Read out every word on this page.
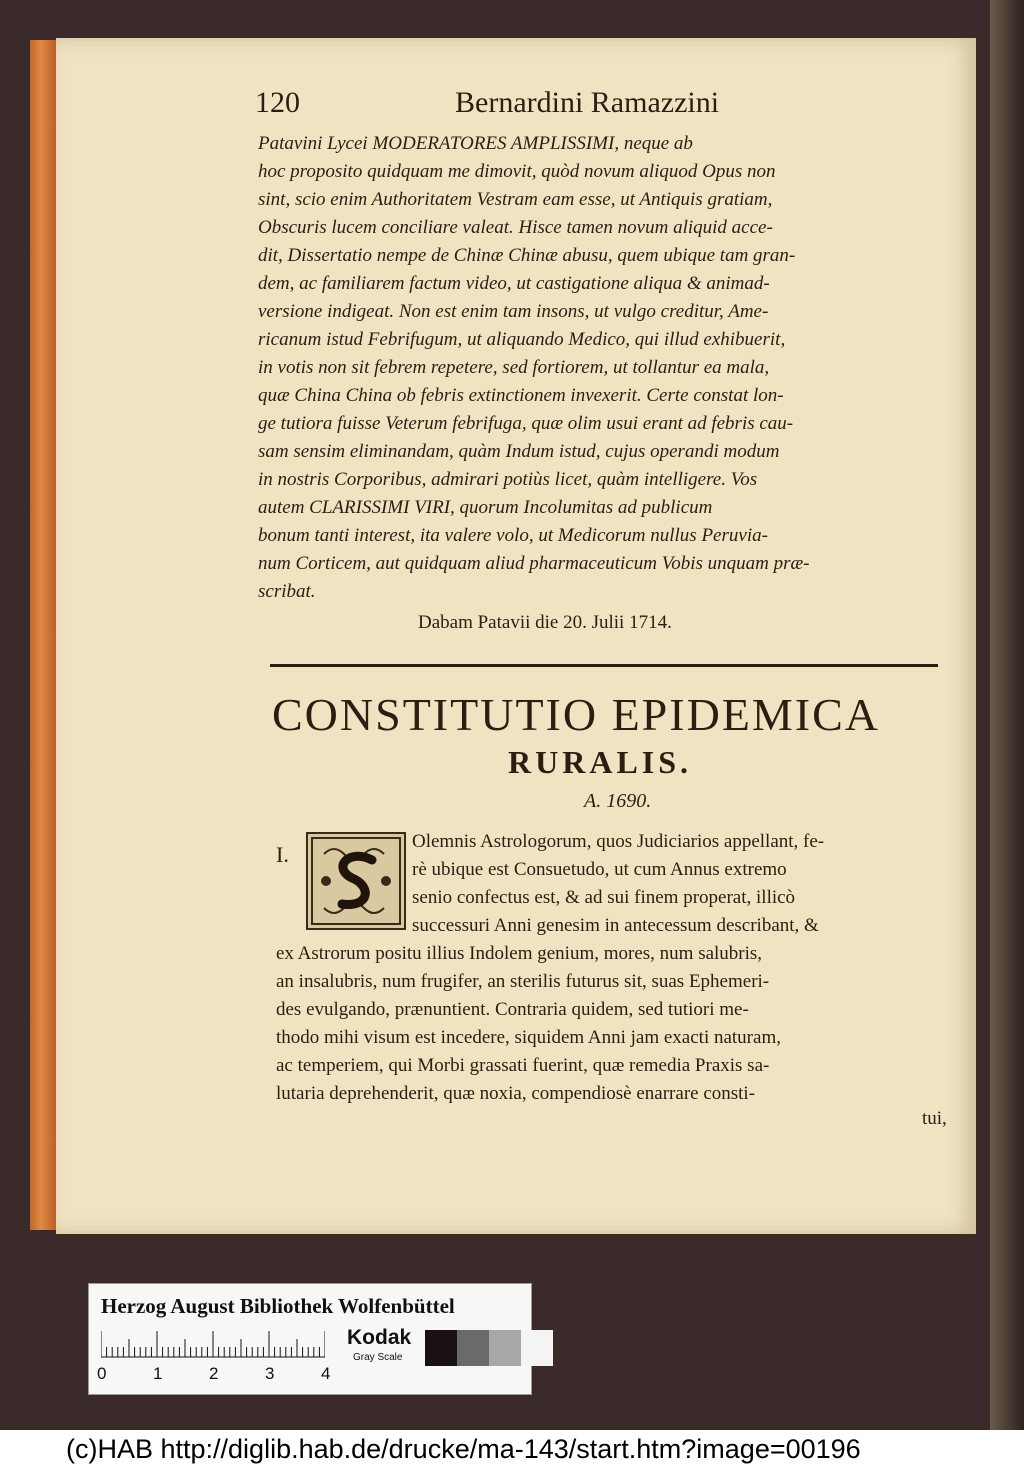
120	Bernardini Ramazzini

Patavini Lycei MODERATORES AMPLISSIMI, neque ab

hoc proposito quidquam me dimovit, quòd novum aliquod Opus non

sint, scio enim Authoritatem Vestram eam esse, ut Antiquis gratiam,

Obscuris lucem conciliare valeat. Hisce tamen novum aliquid acce-

dit, Dissertatio nempe de Chinæ Chinæ abusu, quem ubique tam gran-

dem, ac familiarem factum video, ut castigatione aliqua & animad-

versione indigeat. Non est enim tam insons, ut vulgo creditur, Ame-

ricanum istud Febrifugum, ut aliquando Medico, qui illud exhibuerit,

in votis non sit febrem repetere, sed fortiorem, ut tollantur ea mala,

quæ China China ob febris extinctionem invexerit. Certe constat lon-

ge tutiora fuisse Veterum febrifuga, quæ olim usui erant ad febris cau-

sam sensim eliminandam, quàm Indum istud, cujus operandi modum

in nostris Corporibus, admirari potiùs licet, quàm intelligere. Vos

autem CLARISSIMI VIRI, quorum Incolumitas ad publicum

bonum tanti interest, ita valere volo, ut Medicorum nullus Peruvia-

num Corticem, aut quidquam aliud pharmaceuticum Vobis unquam præ-

scribat.

Dabam Patavii die 20. Julii 1714.
CONSTITUTIO EPIDEMICA
RURALIS.
A. 1690.
I.
Olemnis Astrologorum, quos Judiciarios appellant, fe-
rè ubique est Consuetudo, ut cum Annus extremo
senio confectus est, & ad sui finem properat, illicò
successuri Anni genesim in antecessum describant, &
ex Astrorum positu illius Indolem genium, mores, num salubris,
an insalubris, num frugifer, an sterilis futurus sit, suas Ephemeri-
des evulgando, prænuntient. Contraria quidem, sed tutiori me-
thodo mihi visum est incedere, siquidem Anni jam exacti naturam,
ac temperiem, qui Morbi grassati fuerint, quæ remedia Praxis sa-
lutaria deprehenderit, quæ noxia, compendiosè enarrare consti-
tui,
Herzog August Bibliothek Wolfenbüttel
0	1	2	3	4
Kodak
Gray Scale
(c)HAB http://diglib.hab.de/drucke/ma-143/start.htm?image=00196
